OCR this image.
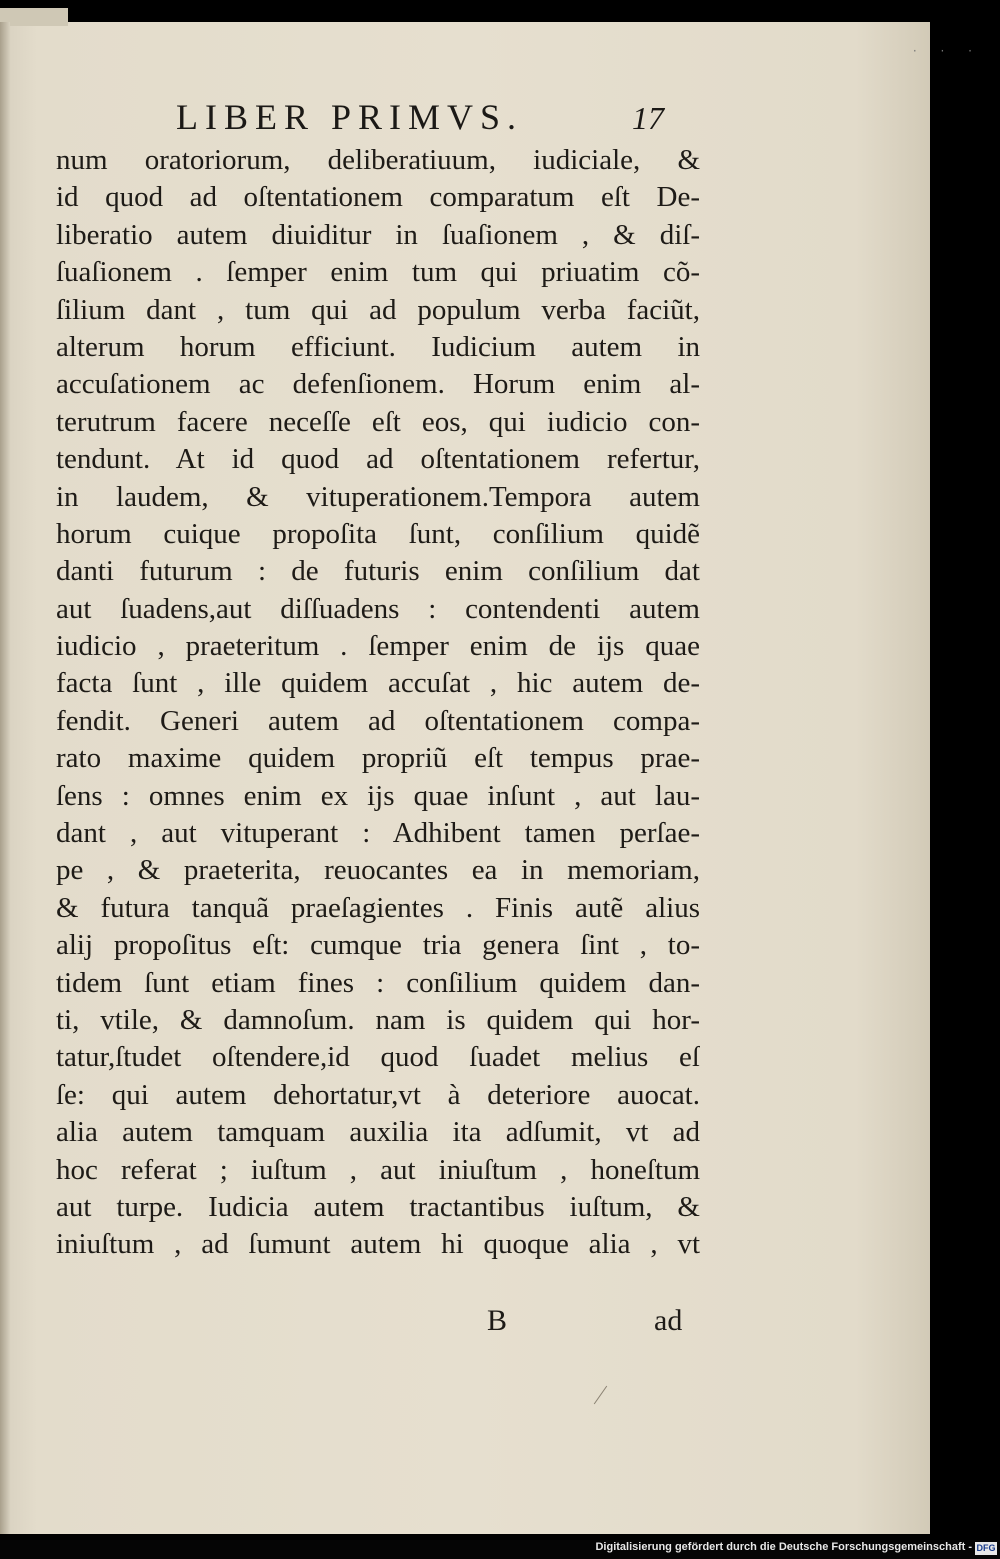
· · ·
LIBER PRIMVS.	17
num oratoriorum, deliberatiuum, iudiciale, &
id quod ad oſtentationem comparatum eſt De-
liberatio autem diuiditur in ſuaſionem , & diſ-
ſuaſionem . ſemper enim tum qui priuatim cõ-
ſilium dant , tum qui ad populum verba faciũt,
alterum horum efficiunt. Iudicium autem in
accuſationem ac defenſionem. Horum enim al-
terutrum facere neceſſe eſt eos, qui iudicio con-
tendunt. At id quod ad oſtentationem refertur,
in laudem, & vituperationem.Tempora autem
horum cuique propoſita ſunt, conſilium quidẽ
danti futurum : de futuris enim conſilium dat
aut ſuadens,aut diſſuadens : contendenti autem
iudicio , praeteritum . ſemper enim de ijs quae
facta ſunt , ille quidem accuſat , hic autem de-
fendit. Generi autem ad oſtentationem compa-
rato maxime quidem propriũ eſt tempus prae-
ſens : omnes enim ex ijs quae inſunt , aut lau-
dant , aut vituperant : Adhibent tamen perſae-
pe , & praeterita, reuocantes ea in memoriam,
& futura tanquã praeſagientes . Finis autẽ alius
alij propoſitus eſt: cumque tria genera ſint , to-
tidem ſunt etiam fines : conſilium quidem dan-
ti, vtile, & damnoſum. nam is quidem qui hor-
tatur,ſtudet oſtendere,id quod ſuadet melius eſ
ſe: qui autem dehortatur,vt à deteriore auocat.
alia autem tamquam auxilia ita adſumit, vt ad
hoc referat ; iuſtum , aut iniuſtum , honeſtum
aut turpe. Iudicia autem tractantibus iuſtum, &
iniuſtum , ad ſumunt autem hi quoque alia , vt
B	ad
Digitalisierung gefördert durch die Deutsche Forschungsgemeinschaft - DFG
